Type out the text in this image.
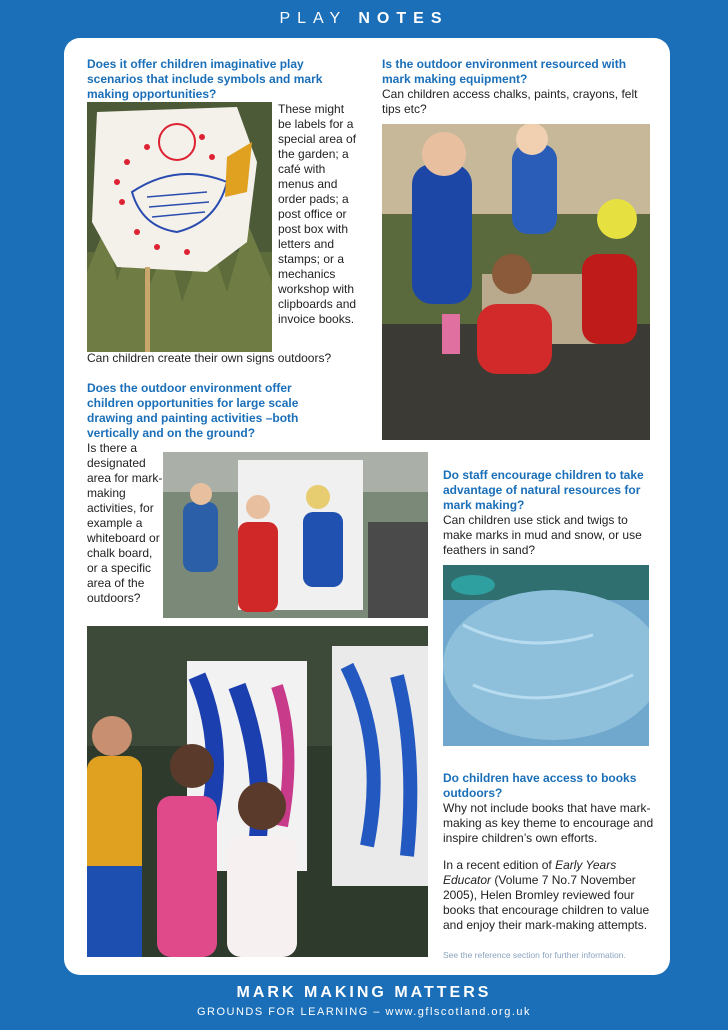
PLAY NOTES
Does it offer children imaginative play scenarios that include symbols and mark making opportunities?
These might be labels for a special area of the garden; a café with menus and order pads; a post office or post box with letters and stamps; or a mechanics workshop with clipboards and invoice books.
Can children create their own signs outdoors?
Is the outdoor environment resourced with mark making equipment?
Can children access chalks, paints, crayons, felt tips etc?
Does the outdoor environment offer children opportunities for large scale drawing and painting activities –both vertically and on the ground?
Is there a designated area for mark-making activities, for example a whiteboard or chalk board, or a specific area of the outdoors?
Do staff encourage children to take advantage of natural resources for mark making?
Can children use stick and twigs to make marks in mud and snow, or use feathers in sand?
Do children have access to books outdoors?
Why not include books that have mark-making as key theme to encourage and inspire children’s own efforts.
In a recent edition of Early Years Educator (Volume 7 No.7 November 2005), Helen Bromley reviewed four books that encourage children to value and enjoy their mark-making attempts.
See the reference section for further information.
MARK MAKING MATTERS
GROUNDS FOR LEARNING – www.gflscotland.org.uk
